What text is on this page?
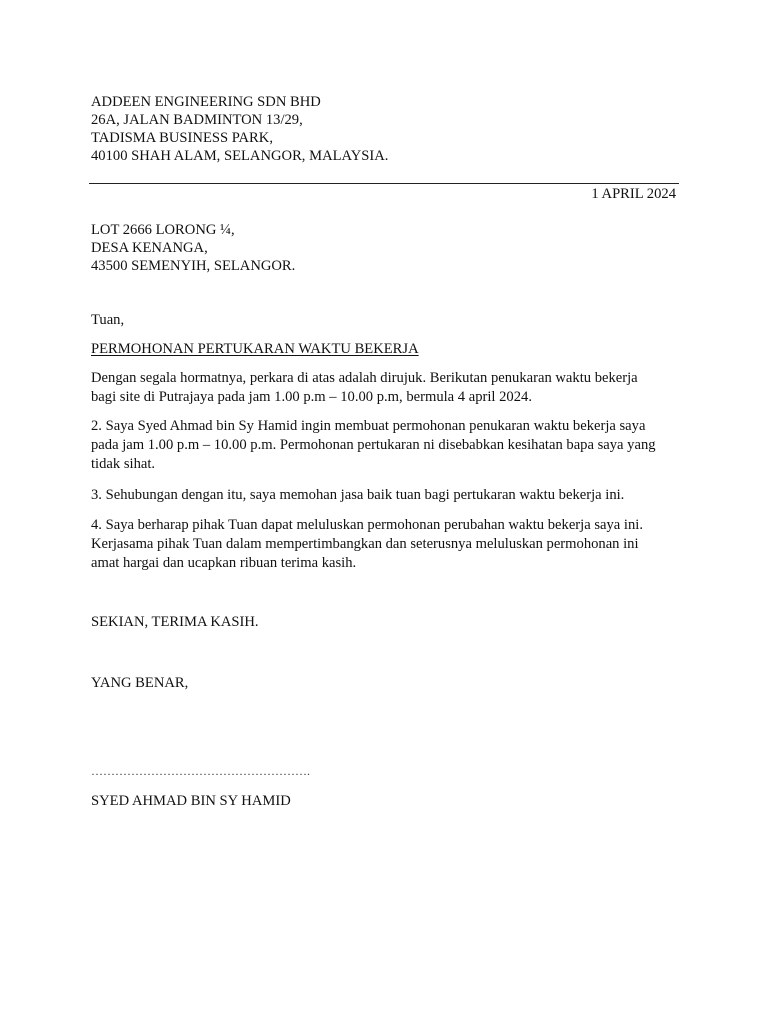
ADDEEN ENGINEERING SDN BHD
26A, JALAN BADMINTON 13/29,
TADISMA BUSINESS PARK,
40100 SHAH ALAM, SELANGOR, MALAYSIA.
1 APRIL 2024
LOT 2666 LORONG ¼,
DESA KENANGA,
43500 SEMENYIH, SELANGOR.
Tuan,
PERMOHONAN PERTUKARAN WAKTU BEKERJA
Dengan segala hormatnya, perkara di atas adalah dirujuk. Berikutan penukaran waktu bekerja
bagi site di Putrajaya pada jam 1.00 p.m – 10.00 p.m, bermula 4 april 2024.
2. Saya Syed Ahmad bin Sy Hamid ingin membuat permohonan penukaran waktu bekerja saya
pada jam 1.00 p.m – 10.00 p.m. Permohonan pertukaran ni disebabkan kesihatan bapa saya yang
tidak sihat.
3. Sehubungan dengan itu, saya memohan jasa baik tuan bagi pertukaran waktu bekerja ini.
4. Saya berharap pihak Tuan dapat meluluskan permohonan perubahan waktu bekerja saya ini.
Kerjasama pihak Tuan dalam mempertimbangkan dan seterusnya meluluskan permohonan ini
amat hargai dan ucapkan ribuan terima kasih.
SEKIAN, TERIMA KASIH.
YANG BENAR,
……………………………………………….
SYED AHMAD BIN SY HAMID
